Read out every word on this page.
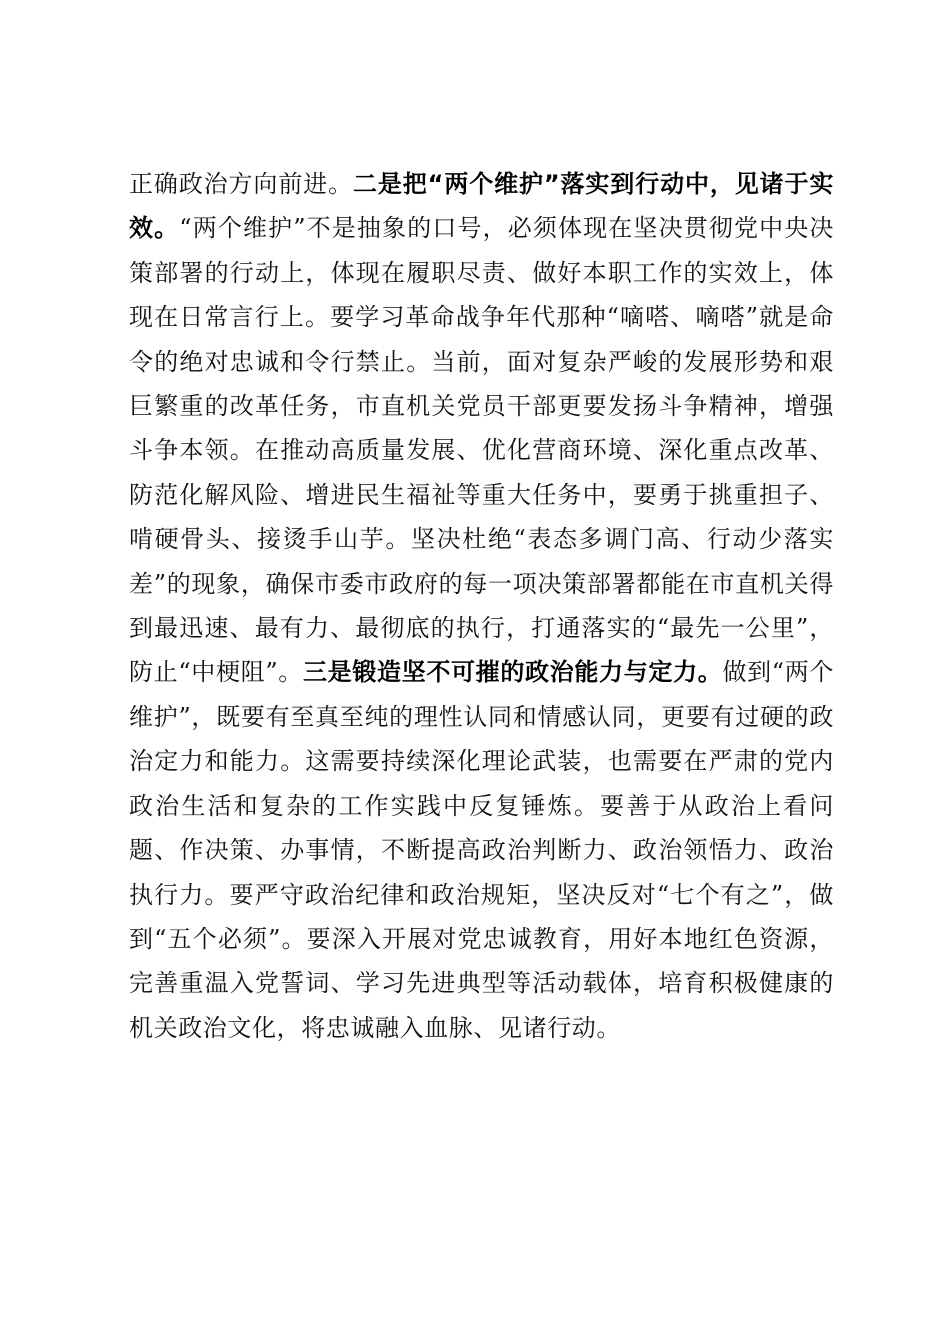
正确政治方向前进。二是把“两个维护”落实到行动中，见诸于实效。“两个维护”不是抽象的口号，必须体现在坚决贯彻党中央决策部署的行动上，体现在履职尽责、做好本职工作的实效上，体现在日常言行上。要学习革命战争年代那种“嘀嗒、嘀嗒”就是命令的绝对忠诚和令行禁止。当前，面对复杂严峻的发展形势和艰巨繁重的改革任务，市直机关党员干部更要发扬斗争精神，增强斗争本领。在推动高质量发展、优化营商环境、深化重点改革、防范化解风险、增进民生福祉等重大任务中，要勇于挑重担子、啃硬骨头、接烫手山芋。坚决杜绝“表态多调门高、行动少落实差”的现象，确保市委市政府的每一项决策部署都能在市直机关得到最迅速、最有力、最彻底的执行，打通落实的“最先一公里”，防止“中梗阻”。三是锻造坚不可摧的政治能力与定力。做到“两个维护”，既要有至真至纯的理性认同和情感认同，更要有过硬的政治定力和能力。这需要持续深化理论武装，也需要在严肃的党内政治生活和复杂的工作实践中反复锤炼。要善于从政治上看问题、作决策、办事情，不断提高政治判断力、政治领悟力、政治执行力。要严守政治纪律和政治规矩，坚决反对“七个有之”，做到“五个必须”。要深入开展对党忠诚教育，用好本地红色资源，完善重温入党誓词、学习先进典型等活动载体，培育积极健康的机关政治文化，将忠诚融入血脉、见诸行动。
